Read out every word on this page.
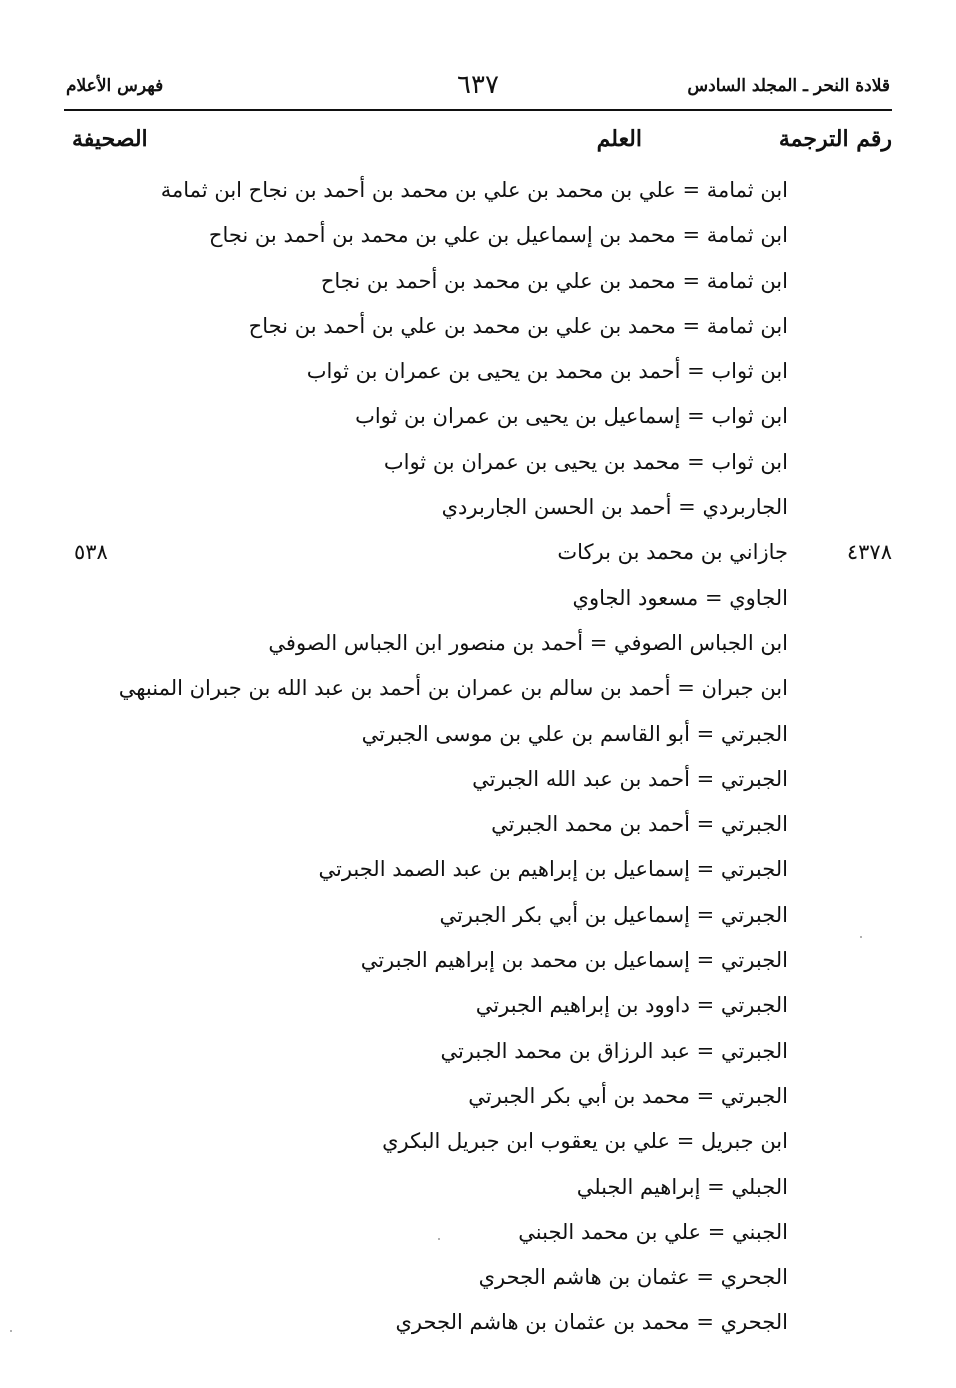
قلادة النحر ـ المجلد السادس
٦٣٧
فهرس الأعلام
رقم الترجمة
العلم
الصحيفة
ابن ثمامة = علي بن محمد بن علي بن محمد بن أحمد بن نجاح ابن ثمامة
ابن ثمامة = محمد بن إسماعيل بن علي بن محمد بن أحمد بن نجاح
ابن ثمامة = محمد بن علي بن محمد بن أحمد بن نجاح
ابن ثمامة = محمد بن علي بن محمد بن علي بن أحمد بن نجاح
ابن ثواب = أحمد بن محمد بن يحيى بن عمران بن ثواب
ابن ثواب = إسماعيل بن يحيى بن عمران بن ثواب
ابن ثواب = محمد بن يحيى بن عمران بن ثواب
الجاربردي = أحمد بن الحسن الجاربردي
٤٣٧٨
جازاني بن محمد بن بركات
٥٣٨
الجاوي = مسعود الجاوي
ابن الجباس الصوفي = أحمد بن منصور ابن الجباس الصوفي
ابن جبران = أحمد بن سالم بن عمران بن أحمد بن عبد الله بن جبران المنبهي
الجبرتي = أبو القاسم بن علي بن موسى الجبرتي
الجبرتي = أحمد بن عبد الله الجبرتي
الجبرتي = أحمد بن محمد الجبرتي
الجبرتي = إسماعيل بن إبراهيم بن عبد الصمد الجبرتي
الجبرتي = إسماعيل بن أبي بكر الجبرتي
الجبرتي = إسماعيل بن محمد بن إبراهيم الجبرتي
الجبرتي = داوود بن إبراهيم الجبرتي
الجبرتي = عبد الرزاق بن محمد الجبرتي
الجبرتي = محمد بن أبي بكر الجبرتي
ابن جبريل = علي بن يعقوب ابن جبريل البكري
الجبلي = إبراهيم الجبلي
الجبني = علي بن محمد الجبني
الجحري = عثمان بن هاشم الجحري
الجحري = محمد بن عثمان بن هاشم الجحري
